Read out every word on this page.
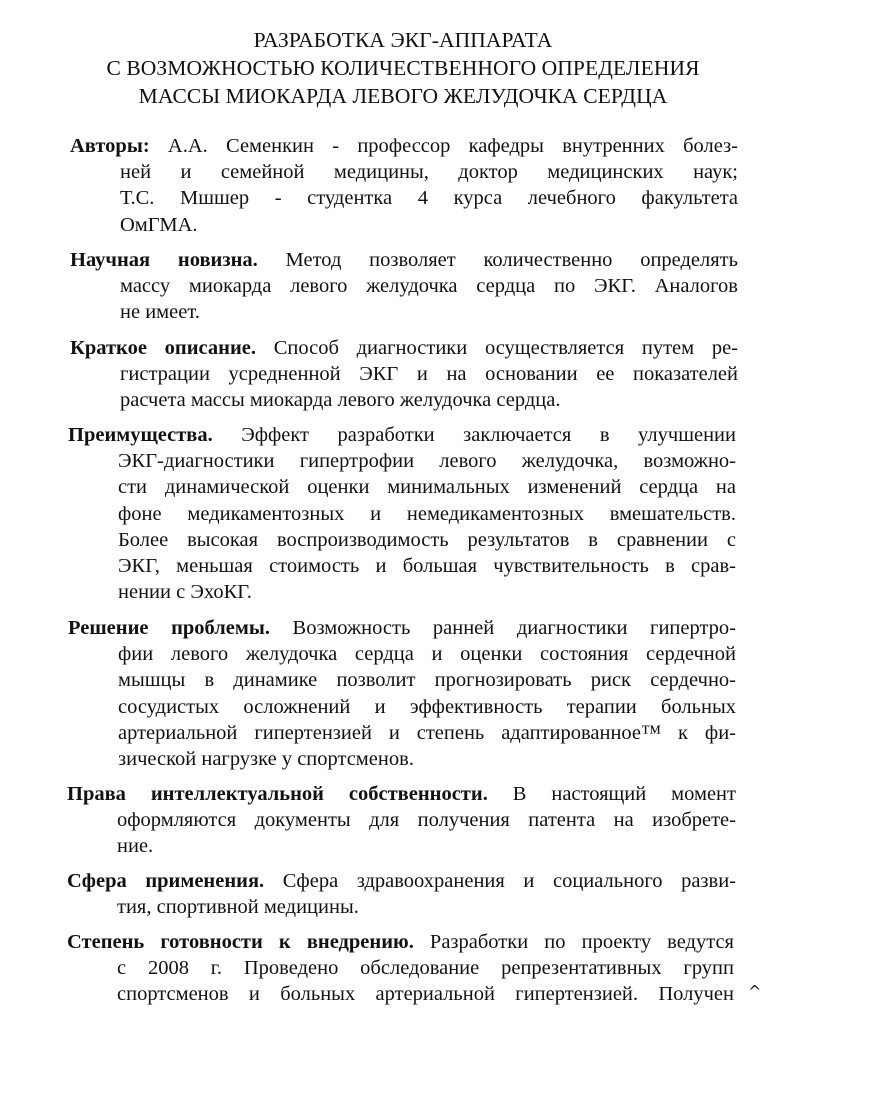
РАЗРАБОТКА ЭКГ-АППАРАТА
С ВОЗМОЖНОСТЬЮ КОЛИЧЕСТВЕННОГО ОПРЕДЕЛЕНИЯ
МАССЫ МИОКАРДА ЛЕВОГО ЖЕЛУДОЧКА СЕРДЦА
Авторы: А.А. Семенкин - профессор кафедры внутренних болез-
ней и семейной медицины, доктор медицинских наук;
Т.С. Мшшер - студентка 4 курса лечебного факультета
ОмГМА.
Научная новизна. Метод позволяет количественно определять
массу миокарда левого желудочка сердца по ЭКГ. Аналогов
не имеет.
Краткое описание. Способ диагностики осуществляется путем ре-
гистрации усредненной ЭКГ и на основании ее показателей
расчета массы миокарда левого желудочка сердца.
Преимущества. Эффект разработки заключается в улучшении
ЭКГ-диагностики гипертрофии левого желудочка, возможно-
сти динамической оценки минимальных изменений сердца на
фоне медикаментозных и немедикаментозных вмешательств.
Более высокая воспроизводимость результатов в сравнении с
ЭКГ, меньшая стоимость и большая чувствительность в срав-
нении с ЭхоКГ.
Решение проблемы. Возможность ранней диагностики гипертро-
фии левого желудочка сердца и оценки состояния сердечной
мышцы в динамике позволит прогнозировать риск сердечно-
сосудистых осложнений и эффективность терапии больных
артериальной гипертензией и степень адаптированное™ к фи-
зической нагрузке у спортсменов.
Права интеллектуальной собственности. В настоящий момент
оформляются документы для получения патента на изобрете-
ние.
Сфера применения. Сфера здравоохранения и социального разви-
тия, спортивной медицины.
Степень готовности к внедрению. Разработки по проекту ведутся
с 2008 г. Проведено обследование репрезентативных групп
спортсменов и больных артериальной гипертензией. Получен ^
